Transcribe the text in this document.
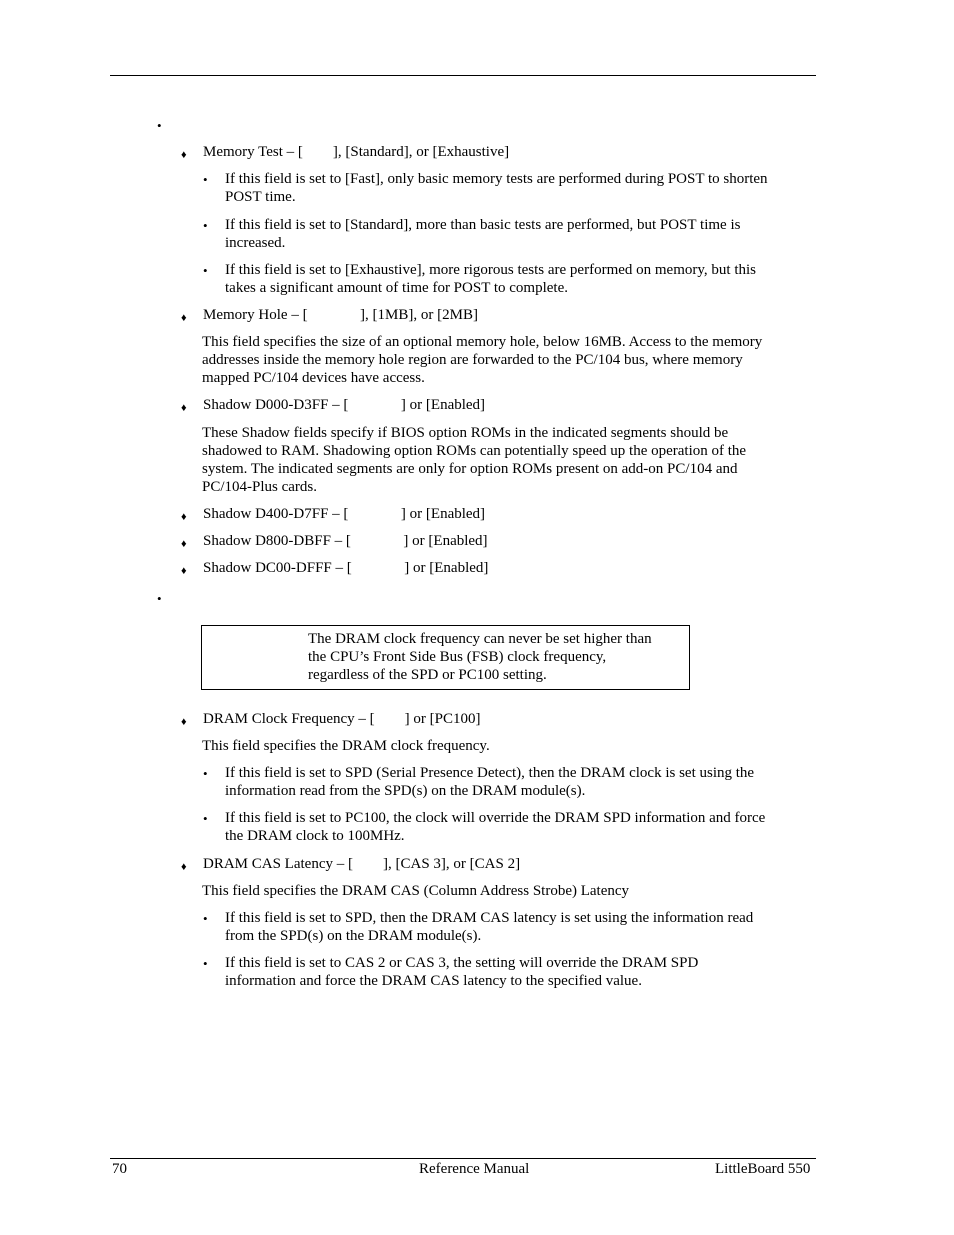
•
♦ Memory Test – [        ], [Standard], or [Exhaustive]
• If this field is set to [Fast], only basic memory tests are performed during POST to shorten
POST time.
• If this field is set to [Standard], more than basic tests are performed, but POST time is
increased.
• If this field is set to [Exhaustive], more rigorous tests are performed on memory, but this
takes a significant amount of time for POST to complete.
♦ Memory Hole – [              ], [1MB], or [2MB]
This field specifies the size of an optional memory hole, below 16MB. Access to the memory
addresses inside the memory hole region are forwarded to the PC/104 bus, where memory
mapped PC/104 devices have access.
♦ Shadow D000-D3FF – [              ] or [Enabled]
These Shadow fields specify if BIOS option ROMs in the indicated segments should be
shadowed to RAM. Shadowing option ROMs can potentially speed up the operation of the
system. The indicated segments are only for option ROMs present on add-on PC/104 and
PC/104-Plus cards.
♦ Shadow D400-D7FF – [              ] or [Enabled]
♦ Shadow D800-DBFF – [              ] or [Enabled]
♦ Shadow DC00-DFFF – [              ] or [Enabled]
•
The DRAM clock frequency can never be set higher than
the CPU’s Front Side Bus (FSB) clock frequency,
regardless of the SPD or PC100 setting.
♦ DRAM Clock Frequency – [        ] or [PC100]
This field specifies the DRAM clock frequency.
• If this field is set to SPD (Serial Presence Detect), then the DRAM clock is set using the
information read from the SPD(s) on the DRAM module(s).
• If this field is set to PC100, the clock will override the DRAM SPD information and force
the DRAM clock to 100MHz.
♦ DRAM CAS Latency – [        ], [CAS 3], or [CAS 2]
This field specifies the DRAM CAS (Column Address Strobe) Latency
• If this field is set to SPD, then the DRAM CAS latency is set using the information read
from the SPD(s) on the DRAM module(s).
• If this field is set to CAS 2 or CAS 3, the setting will override the DRAM SPD
information and force the DRAM CAS latency to the specified value.
70	Reference Manual	LittleBoard 550
